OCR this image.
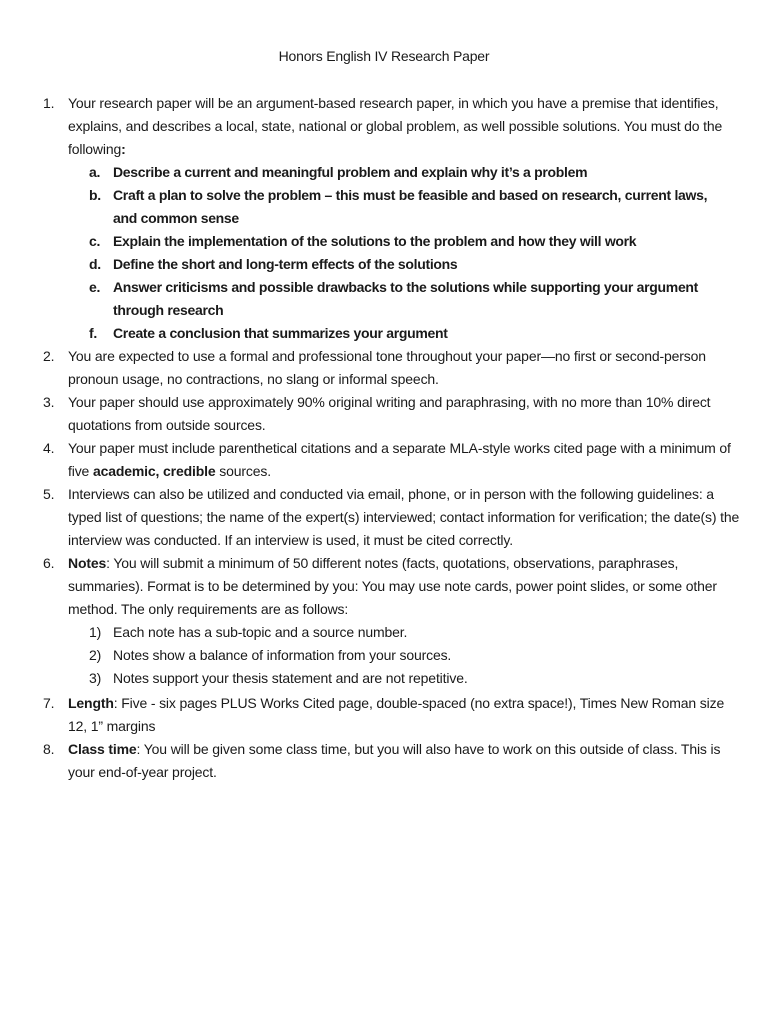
Honors English IV Research Paper
1. Your research paper will be an argument-based research paper, in which you have a premise that identifies, explains, and describes a local, state, national or global problem, as well possible solutions. You must do the following:
a. Describe a current and meaningful problem and explain why it’s a problem
b. Craft a plan to solve the problem – this must be feasible and based on research, current laws, and common sense
c. Explain the implementation of the solutions to the problem and how they will work
d. Define the short and long-term effects of the solutions
e. Answer criticisms and possible drawbacks to the solutions while supporting your argument through research
f. Create a conclusion that summarizes your argument
2. You are expected to use a formal and professional tone throughout your paper—no first or second-person pronoun usage, no contractions, no slang or informal speech.
3. Your paper should use approximately 90% original writing and paraphrasing, with no more than 10% direct quotations from outside sources.
4. Your paper must include parenthetical citations and a separate MLA-style works cited page with a minimum of five academic, credible sources.
5. Interviews can also be utilized and conducted via email, phone, or in person with the following guidelines: a typed list of questions; the name of the expert(s) interviewed; contact information for verification; the date(s) the interview was conducted. If an interview is used, it must be cited correctly.
6. Notes: You will submit a minimum of 50 different notes (facts, quotations, observations, paraphrases, summaries). Format is to be determined by you: You may use note cards, power point slides, or some other method. The only requirements are as follows:
1) Each note has a sub-topic and a source number.
2) Notes show a balance of information from your sources.
3) Notes support your thesis statement and are not repetitive.
7. Length: Five - six pages PLUS Works Cited page, double-spaced (no extra space!), Times New Roman size 12, 1” margins
8. Class time: You will be given some class time, but you will also have to work on this outside of class. This is your end-of-year project.
